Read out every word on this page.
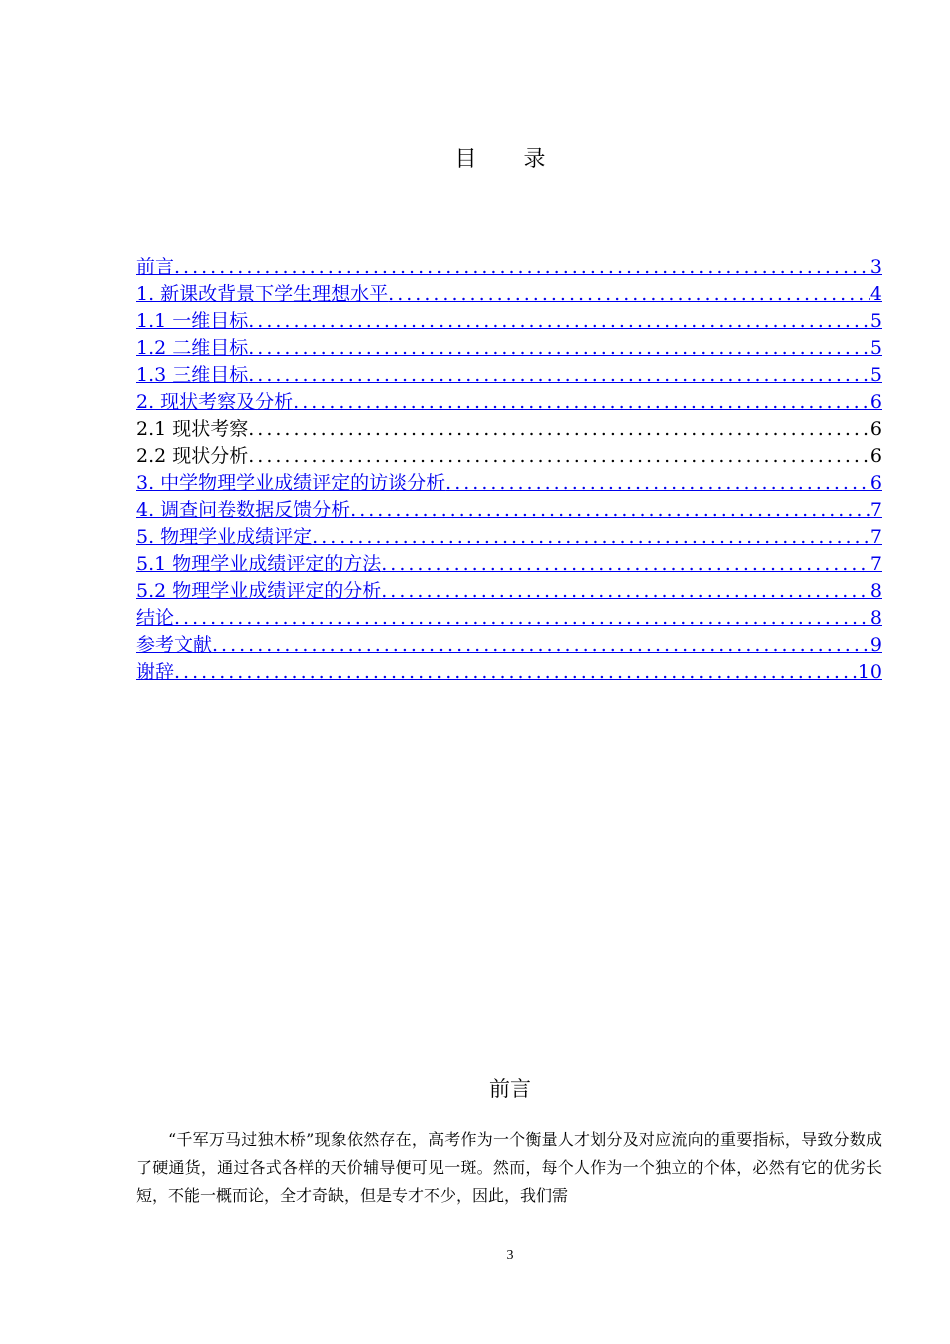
目 录
前言 .....	3
1. 新课改背景下学生理想水平 .....	4
1.1 一维目标 .....	5
1.2 二维目标 .....	5
1.3 三维目标 .....	5
2. 现状考察及分析 .....	6
2.1 现状考察 .....	6
2.2 现状分析 .....	6
3. 中学物理学业成绩评定的访谈分析 .....	6
4. 调查问卷数据反馈分析 .....	7
5. 物理学业成绩评定 .....	7
5.1 物理学业成绩评定的方法 .....	7
5.2 物理学业成绩评定的分析 .....	8
结论 .....	8
参考文献 .....	9
谢辞 .....	10
前言
“千军万马过独木桥”现象依然存在，高考作为一个衡量人才划分及对应流向的重要指标，导致分数成了硬通货，通过各式各样的天价辅导便可见一斑。然而，每个人作为一个独立的个体，必然有它的优劣长短，不能一概而论，全才奇缺，但是专才不少，因此，我们需
3
